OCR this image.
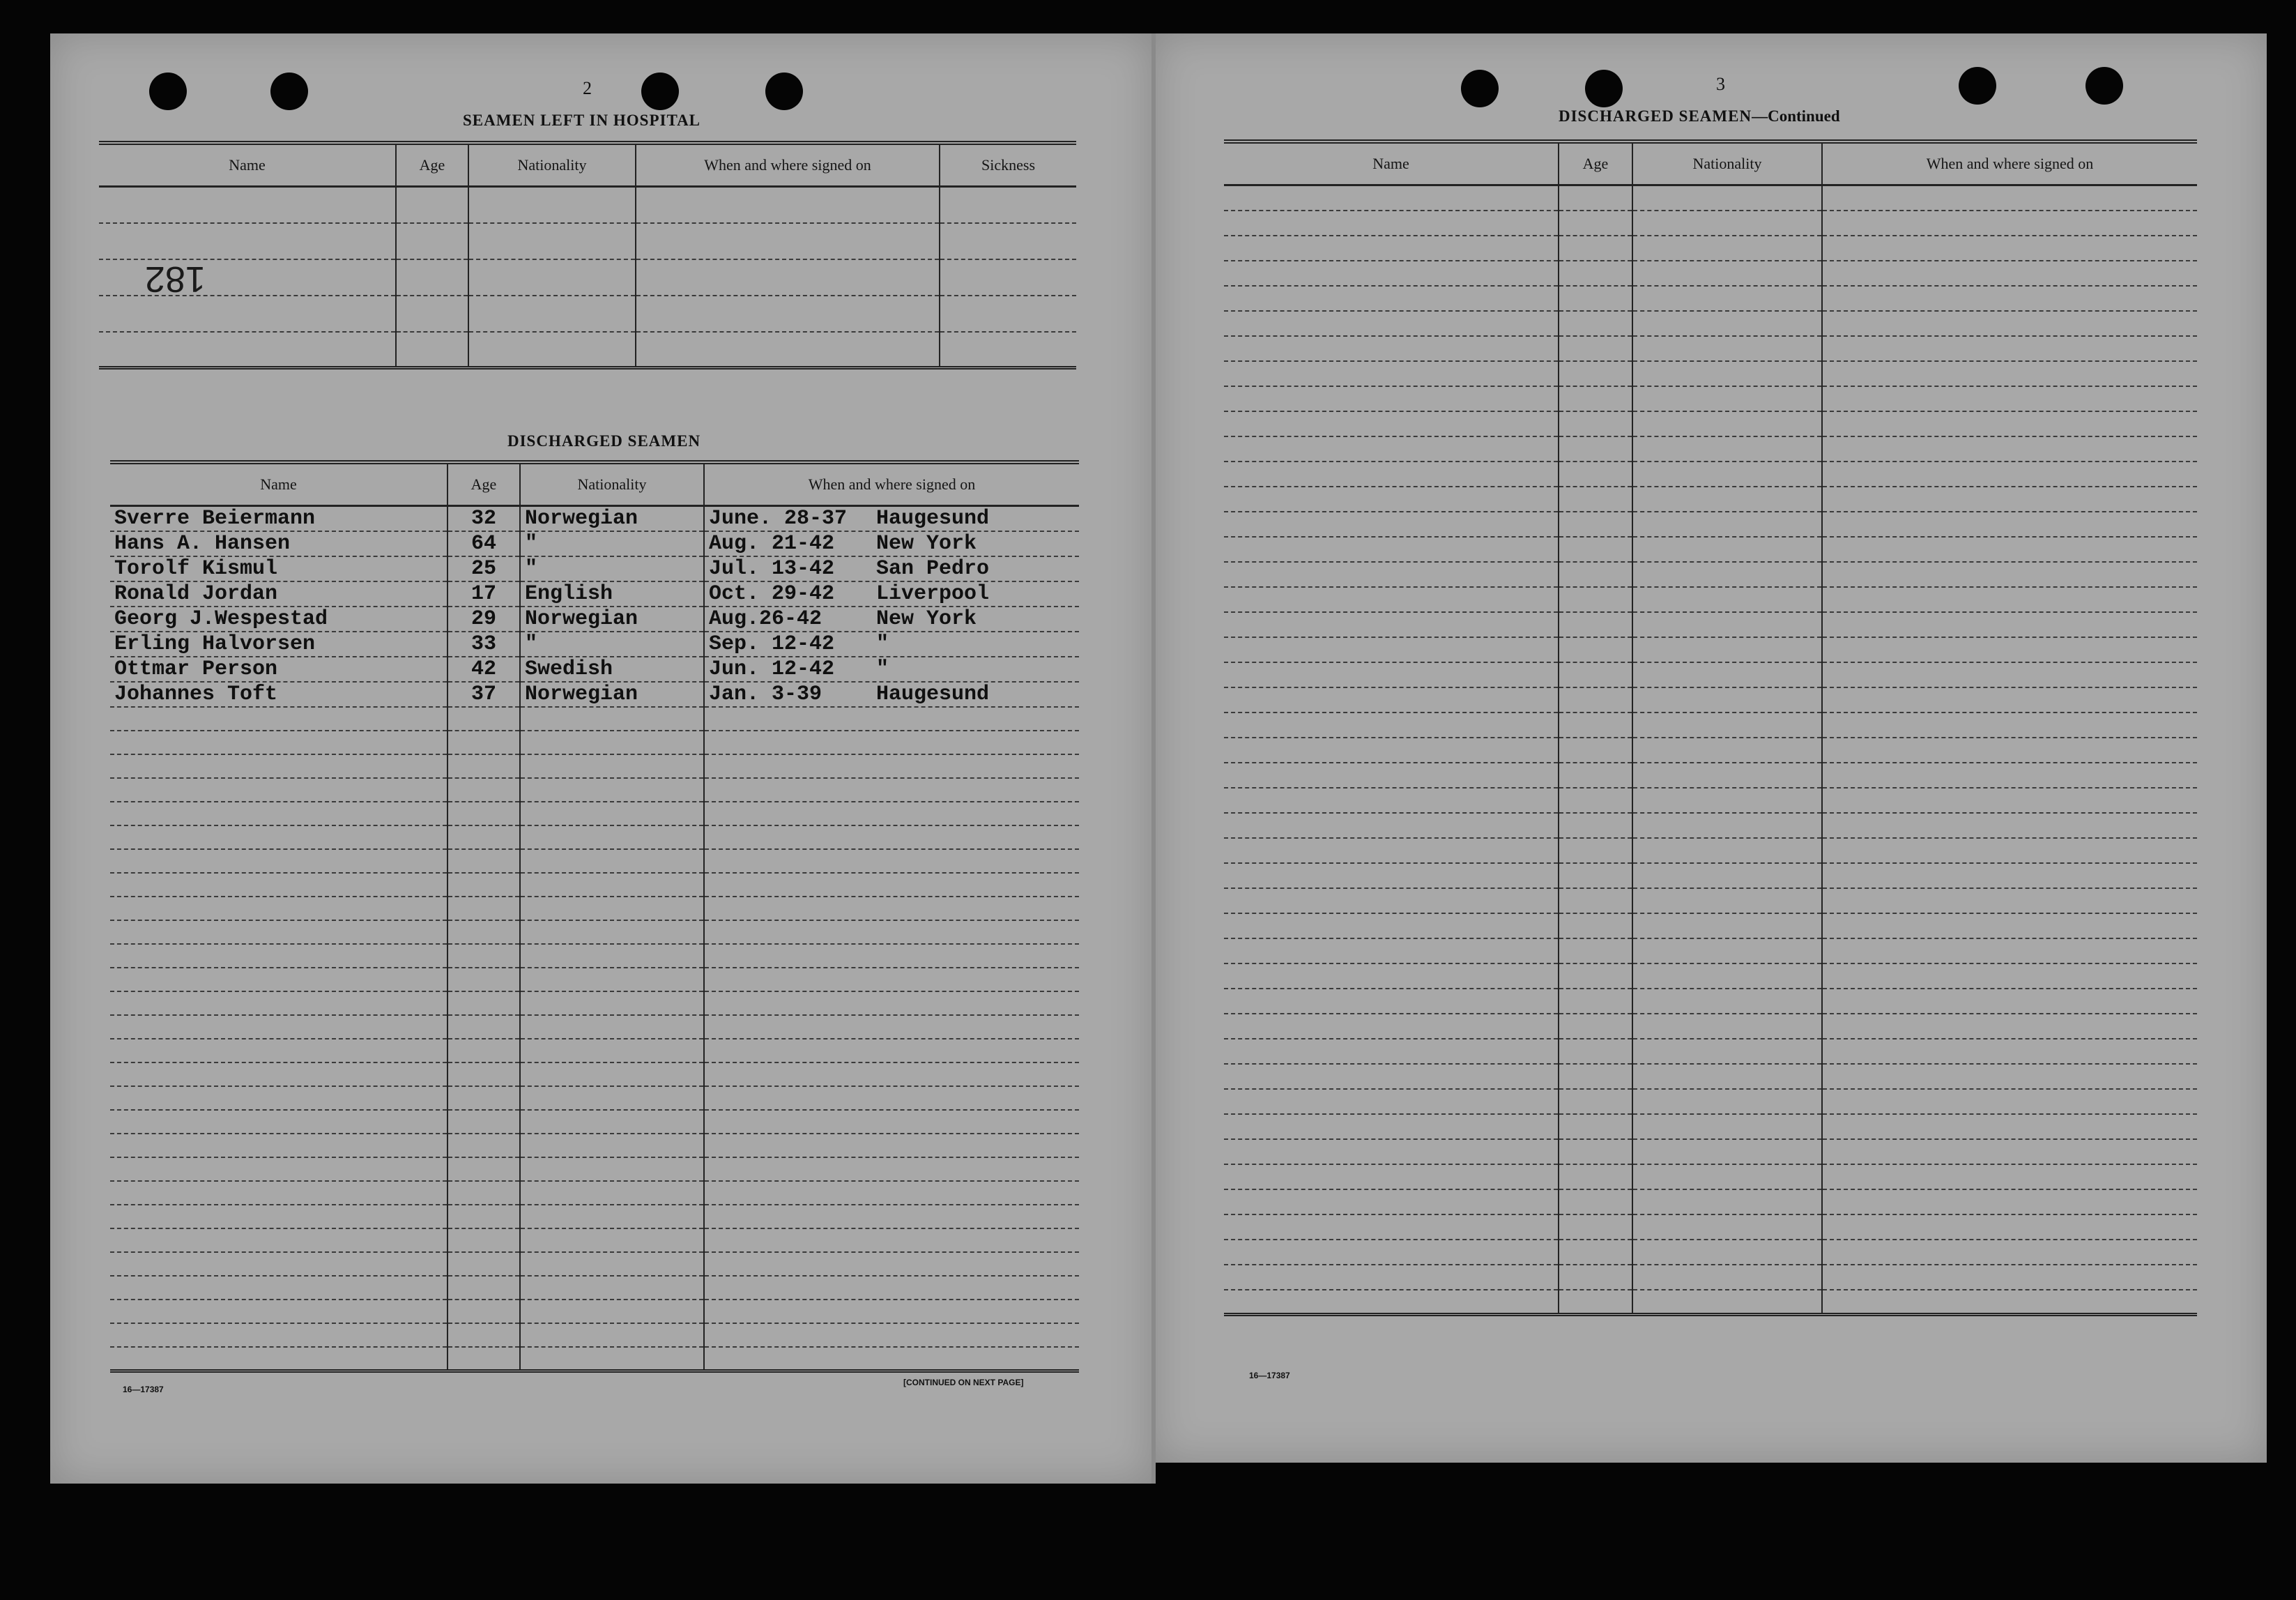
2
SEAMEN LEFT IN HOSPITAL
Name	Age	Nationality	When and where signed on	Sickness

182
DISCHARGED SEAMEN
Name	Age	Nationality	When and where signed on
Sverre Beiermann	32	Norwegian	June. 28-37 Haugesund
Hans A. Hansen	64	"	Aug. 21-42 New York
Torolf Kismul	25	"	Jul. 13-42 San Pedro
Ronald Jordan	17	English	Oct. 29-42 Liverpool
Georg J.Wespestad	29	Norwegian	Aug.26-42 New York
Erling Halvorsen	33	"	Sep. 12-42 "
Ottmar Person	42	Swedish	Jun. 12-42 "
Johannes Toft	37	Norwegian	Jan. 3-39 Haugesund

16—17387
[CONTINUED ON NEXT PAGE]
3
DISCHARGED SEAMEN—Continued
Name	Age	Nationality	When and where signed on

16—17387
